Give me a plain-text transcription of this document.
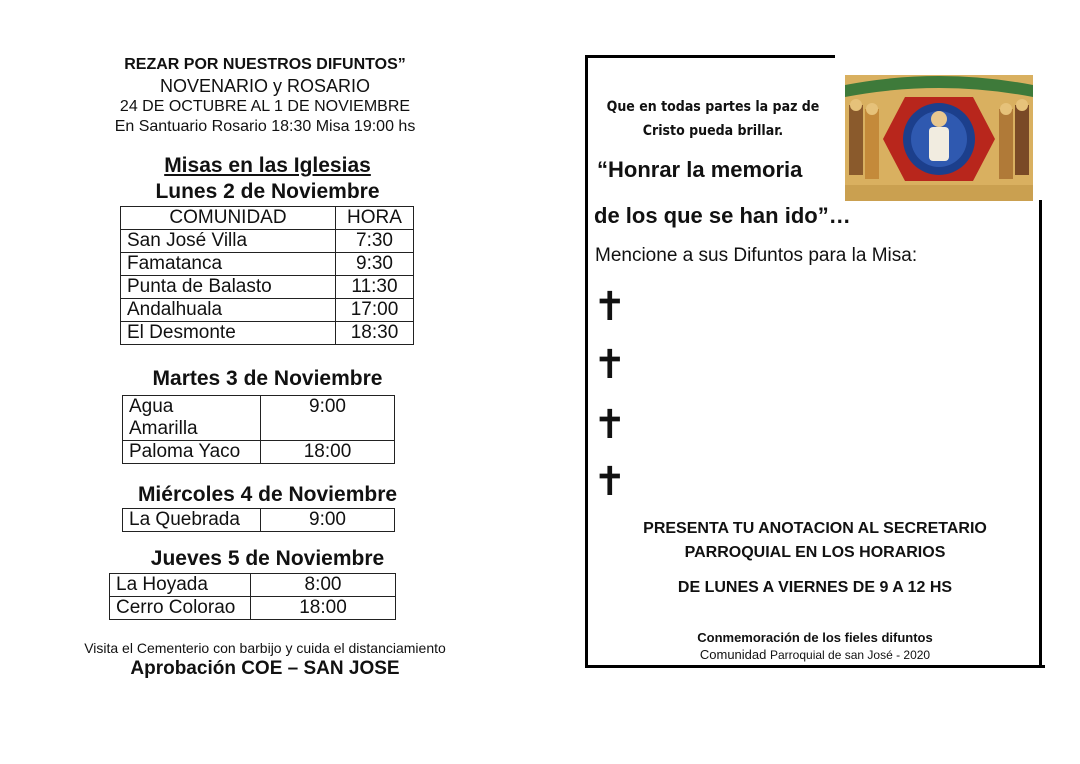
REZAR POR NUESTROS DIFUNTOS”
NOVENARIO y ROSARIO
24 DE OCTUBRE AL 1 DE NOVIEMBRE
En Santuario Rosario 18:30 Misa 19:00 hs
Misas en las Iglesias
Lunes 2 de Noviembre
COMUNIDAD	HORA
San José Villa	7:30
Famatanca	9:30
Punta de Balasto	11:30
Andalhuala	17:00
El Desmonte	18:30
Martes 3 de Noviembre
Agua
Amarilla	9:00
Paloma Yaco	18:00
Miércoles 4 de Noviembre
La Quebrada	9:00
Jueves 5 de Noviembre
La Hoyada	8:00
Cerro Colorao	18:00
Visita el Cementerio con barbijo y cuida el distanciamiento
Aprobación COE – SAN JOSE
Que en todas partes la paz de
Cristo pueda brillar.
“Honrar la memoria
de los que se han ido”…
Mencione a sus Difuntos para la Misa:
✝
✝
✝
✝
PRESENTA TU ANOTACION AL SECRETARIO
PARROQUIAL EN LOS HORARIOS
DE LUNES A VIERNES DE 9 A 12 HS
Conmemoración de los fieles difuntos
Comunidad Parroquial de san José - 2020
